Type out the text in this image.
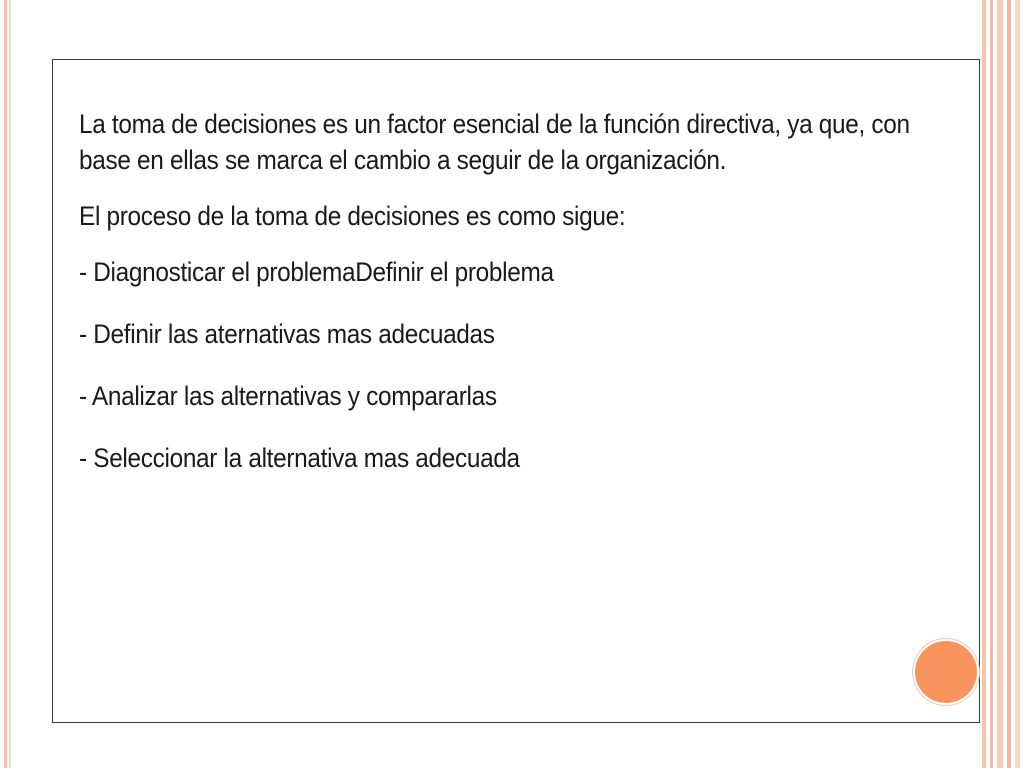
La toma de decisiones es un factor esencial de la función directiva, ya que, con base en ellas se marca el cambio a seguir de la organización.

El proceso de la toma de decisiones es como sigue:

- Diagnosticar el problemaDefinir el problema
- Definir las aternativas mas adecuadas
- Analizar las alternativas y compararlas
- Seleccionar la alternativa mas adecuada
